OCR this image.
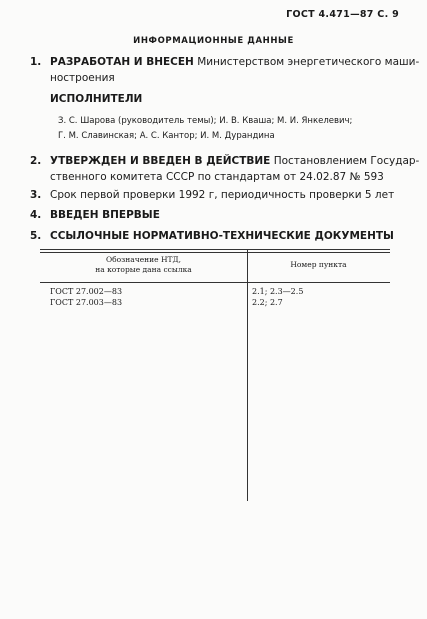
ГОСТ 4.471—87 С. 9
ИНФОРМАЦИОННЫЕ ДАННЫЕ
1. РАЗРАБОТАН И ВНЕСЕН Министерством энергетического маши-
ностроения
ИСПОЛНИТЕЛИ
З. С. Шарова (руководитель темы); И. В. Кваша; М. И. Янкелевич;
Г. М. Славинская; А. С. Кантор; И. М. Дурандина
2. УТВЕРЖДЕН И ВВЕДЕН В ДЕЙСТВИЕ Постановлением Государ-
ственного комитета СССР по стандартам от 24.02.87 № 593
3. Срок первой проверки 1992 г, периодичность проверки 5 лет
4. ВВЕДЕН ВПЕРВЫЕ
5. ССЫЛОЧНЫЕ НОРМАТИВНО-ТЕХНИЧЕСКИЕ ДОКУМЕНТЫ
Обозначение НТД,
на которые дана ссылка
Номер пункта
ГОСТ 27.002—83	2.1; 2.3—2.5
ГОСТ 27.003—83	2.2; 2.7
